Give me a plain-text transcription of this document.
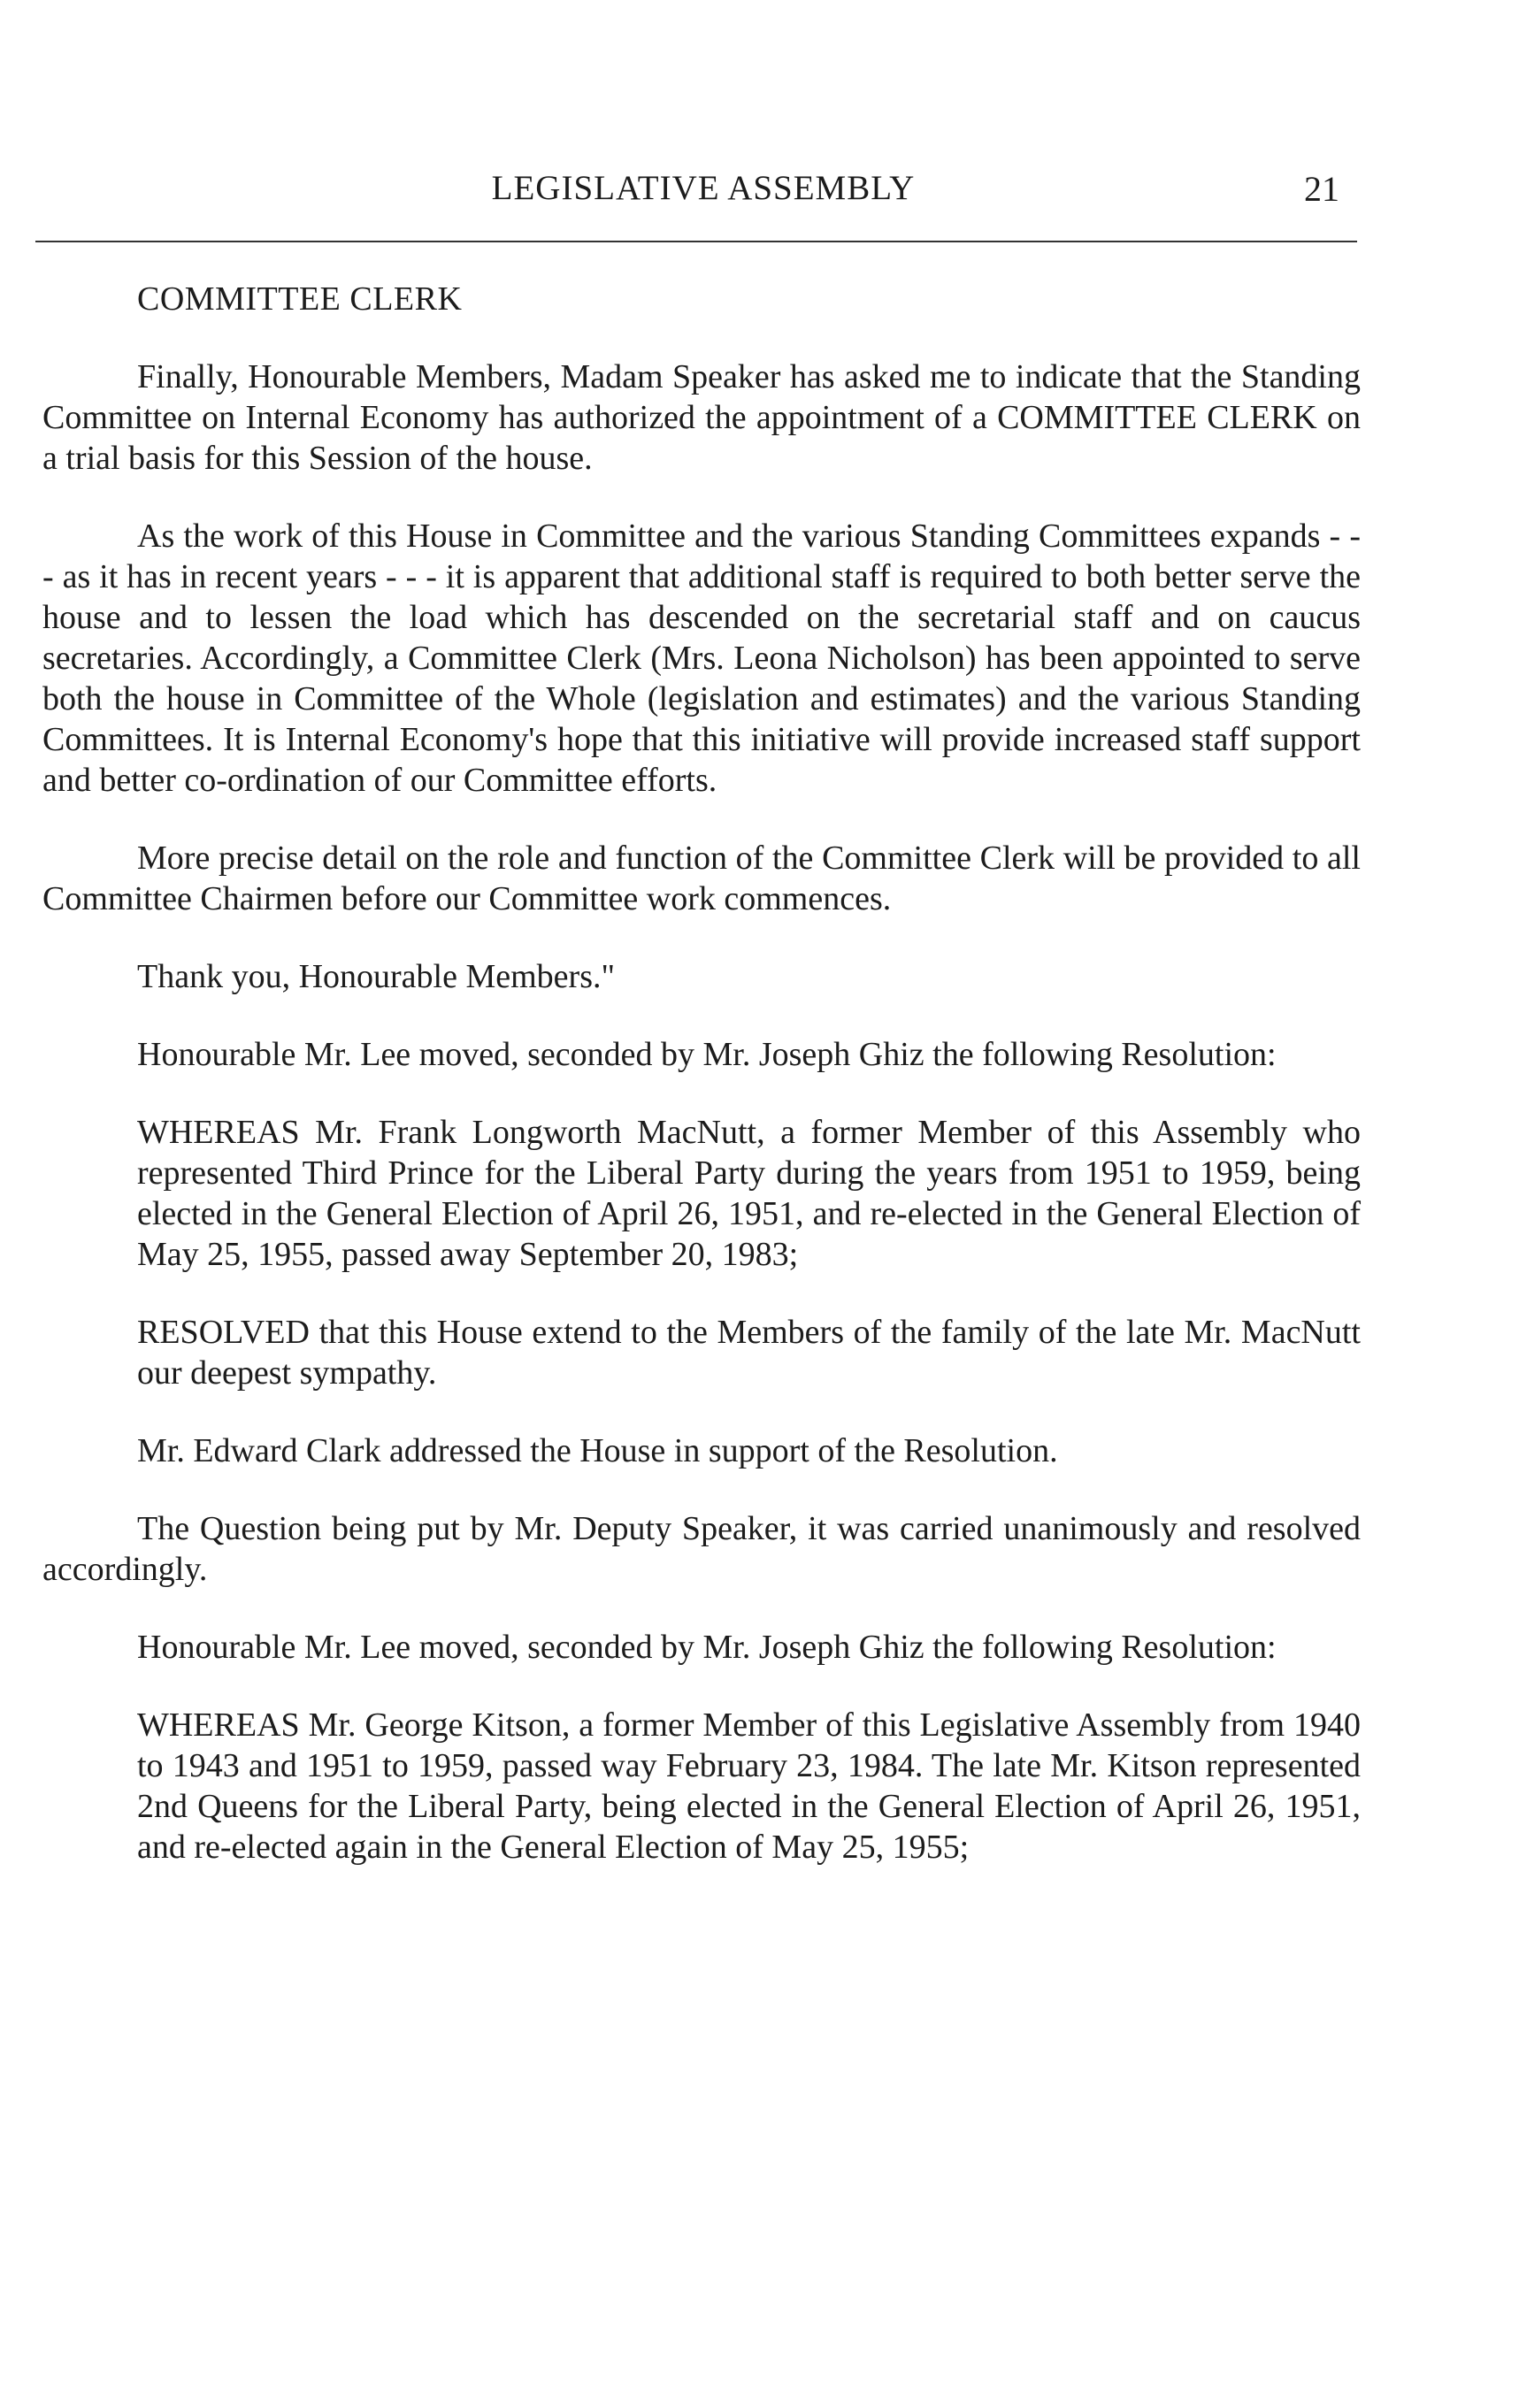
LEGISLATIVE ASSEMBLY	21
COMMITTEE CLERK

Finally, Honourable Members, Madam Speaker has asked me to indicate that the Standing Committee on Internal Economy has authorized the appointment of a COMMITTEE CLERK on a trial basis for this Session of the house.

As the work of this House in Committee and the various Standing Committees expands - - - as it has in recent years - - - it is apparent that additional staff is required to both better serve the house and to lessen the load which has descended on the secretarial staff and on caucus secretaries. Accordingly, a Committee Clerk (Mrs. Leona Nicholson) has been appointed to serve both the house in Committee of the Whole (legislation and estimates) and the various Standing Committees. It is Internal Economy's hope that this initiative will provide increased staff support and better co-ordination of our Committee efforts.

More precise detail on the role and function of the Committee Clerk will be provided to all Committee Chairmen before our Committee work commences.

Thank you, Honourable Members."

Honourable Mr. Lee moved, seconded by Mr. Joseph Ghiz the following Resolution:

WHEREAS Mr. Frank Longworth MacNutt, a former Member of this Assembly who represented Third Prince for the Liberal Party during the years from 1951 to 1959, being elected in the General Election of April 26, 1951, and re-elected in the General Election of May 25, 1955, passed away September 20, 1983;

RESOLVED that this House extend to the Members of the family of the late Mr. MacNutt our deepest sympathy.

Mr. Edward Clark addressed the House in support of the Resolution.

The Question being put by Mr. Deputy Speaker, it was carried unanimously and resolved accordingly.

Honourable Mr. Lee moved, seconded by Mr. Joseph Ghiz the following Resolution:

WHEREAS Mr. George Kitson, a former Member of this Legislative Assembly from 1940 to 1943 and 1951 to 1959, passed way February 23, 1984. The late Mr. Kitson represented 2nd Queens for the Liberal Party, being elected in the General Election of April 26, 1951, and re-elected again in the General Election of May 25, 1955;
